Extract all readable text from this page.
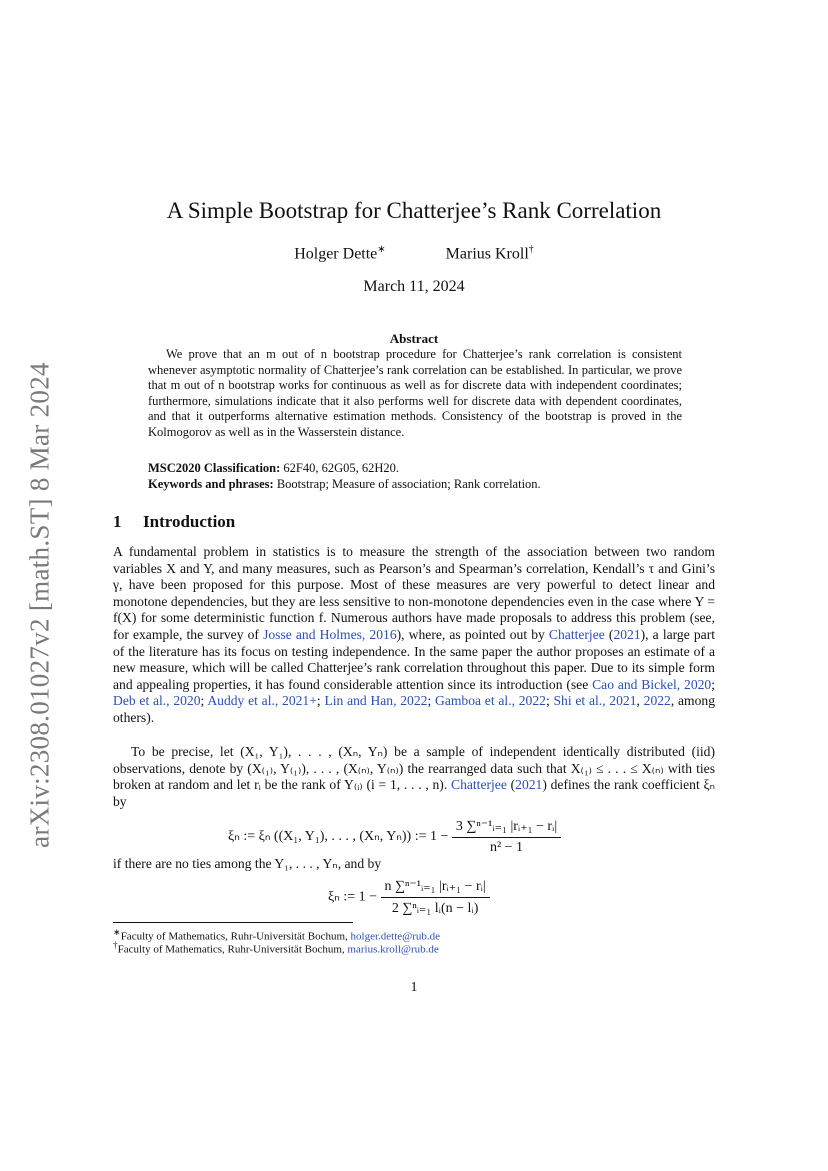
arXiv:2308.01027v2 [math.ST] 8 Mar 2024
A Simple Bootstrap for Chatterjee’s Rank Correlation
Holger Dette∗	Marius Kroll†
March 11, 2024
Abstract

We prove that an m out of n bootstrap procedure for Chatterjee’s rank correlation is consistent whenever asymptotic normality of Chatterjee’s rank correlation can be established. In particular, we prove that m out of n bootstrap works for continuous as well as for discrete data with independent coordinates; furthermore, simulations indicate that it also performs well for discrete data with dependent coordinates, and that it outperforms alternative estimation methods. Consistency of the bootstrap is proved in the Kolmogorov as well as in the Wasserstein distance.

MSC2020 Classification: 62F40, 62G05, 62H20.
Keywords and phrases: Bootstrap; Measure of association; Rank correlation.
1 Introduction

A fundamental problem in statistics is to measure the strength of the association between two random variables X and Y, and many measures, such as Pearson’s and Spearman’s correlation, Kendall’s τ and Gini’s γ, have been proposed for this purpose. Most of these measures are very powerful to detect linear and monotone dependencies, but they are less sensitive to non-monotone dependencies even in the case where Y = f(X) for some deterministic function f. Numerous authors have made proposals to address this problem (see, for example, the survey of Josse and Holmes, 2016), where, as pointed out by Chatterjee (2021), a large part of the literature has its focus on testing independence. In the same paper the author proposes an estimate of a new measure, which will be called Chatterjee’s rank correlation throughout this paper. Due to its simple form and appealing properties, it has found considerable attention since its introduction (see Cao and Bickel, 2020; Deb et al., 2020; Auddy et al., 2021+; Lin and Han, 2022; Gamboa et al., 2022; Shi et al., 2021, 2022, among others).

To be precise, let (X₁, Y₁), . . . , (Xₙ, Yₙ) be a sample of independent identically distributed (iid) observations, denote by (X₍₁₎, Y₍₁₎), . . . , (X₍ₙ₎, Y₍ₙ₎) the rearranged data such that X₍₁₎ ≤ . . . ≤ X₍ₙ₎ with ties broken at random and let rᵢ be the rank of Y₍ᵢ₎ (i = 1, . . . , n). Chatterjee (2021) defines the rank coefficient ξₙ by

ξₙ := ξₙ ((X₁, Y₁), . . . , (Xₙ, Yₙ)) := $1 - \frac{\text{3 ∑ⁿ⁻¹ᵢ₌₁ |rᵢ₊₁ − rᵢ|}}{\text{n² − 1}}$

if there are no ties among the Y₁, . . . , Yₙ, and by

ξₙ := $1 - \frac{\text{n ∑ⁿ⁻¹ᵢ₌₁ |rᵢ₊₁ − rᵢ|}}{\text{2 ∑ⁿᵢ₌₁ lᵢ(n − lᵢ)}}$
∗Faculty of Mathematics, Ruhr-Universität Bochum, holger.dette@rub.de
†Faculty of Mathematics, Ruhr-Universität Bochum, marius.kroll@rub.de
1
